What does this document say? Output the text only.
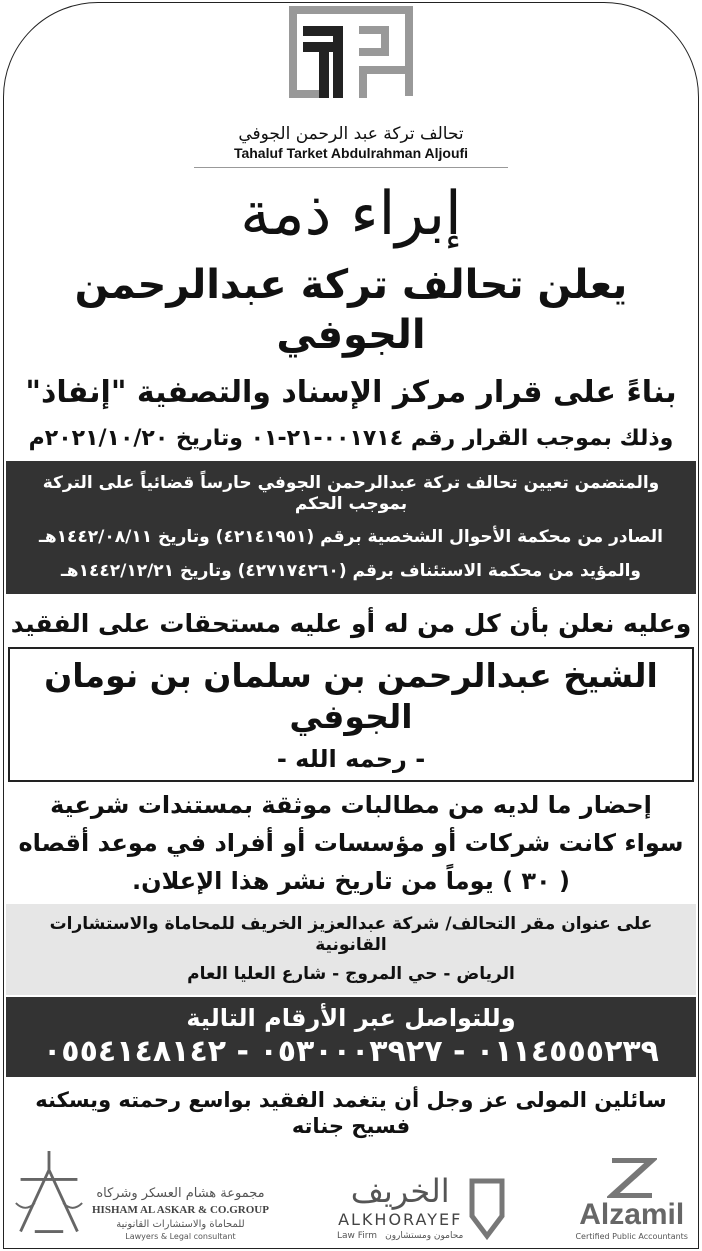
تحالف تركة عبد الرحمن الجوفي
Tahaluf Tarket Abdulrahman Aljoufi
إبراء ذمة
يعلن تحالف تركة عبدالرحمن الجوفي
بناءً على قرار مركز الإسناد والتصفية "إنفاذ"
وذلك بموجب القرار رقم ٠٠١٧١٤-٢١-٠١ وتاريخ ٢٠٢١/١٠/٢٠م
والمتضمن تعيين تحالف تركة عبدالرحمن الجوفي حارساً قضائياً على التركة بموجب الحكم
الصادر من محكمة الأحوال الشخصية برقم (٤٢١٤١٩٥١) وتاريخ ١٤٤٢/٠٨/١١هـ
والمؤيد من محكمة الاستئناف برقم (٤٢٧١٧٤٢٦٠) وتاريخ ١٤٤٢/١٢/٢١هـ
وعليه نعلن بأن كل من له أو عليه مستحقات على الفقيد
الشيخ عبدالرحمن بن سلمان بن نومان الجوفي
- رحمه الله -
إحضار ما لديه من مطالبات موثقة بمستندات شرعية
سواء كانت شركات أو مؤسسات أو أفراد في موعد أقصاه
( ٣٠ ) يوماً من تاريخ نشر هذا الإعلان.
على عنوان مقر التحالف/ شركة عبدالعزيز الخريف للمحاماة والاستشارات القانونية
الرياض - حي المروج - شارع العليا العام
وللتواصل عبر الأرقام التالية
٠١١٤٥٥٥٢٣٩ - ٠٥٣٠٠٠٣٩٢٧ - ٠٥٥٤١٤٨١٤٢
سائلين المولى عز وجل أن يتغمد الفقيد بواسع رحمته ويسكنه فسيح جناته
مجموعة هشام العسكر وشركاه
HISHAM AL ASKAR & CO.GROUP
للمحاماة والاستشارات القانونية
Lawyers & Legal consultant
الخريف
ALKHORAYEF
Law Firm محامون ومستشارون
Alzamil
Certified Public Accountants
